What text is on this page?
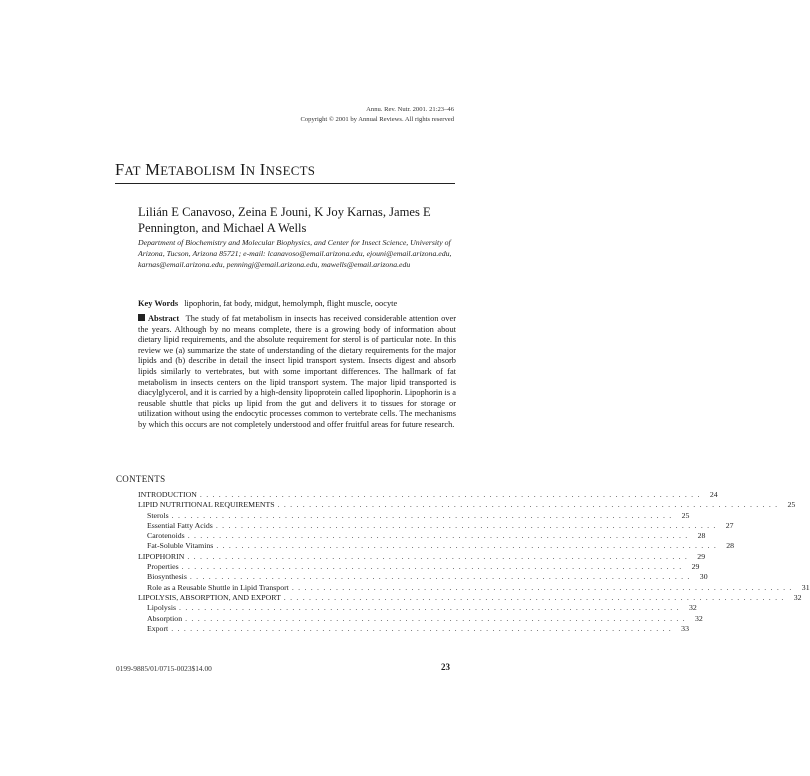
Annu. Rev. Nutr. 2001. 21:23–46
Copyright © 2001 by Annual Reviews. All rights reserved
FAT METABOLISM IN INSECTS
Lilián E Canavoso, Zeina E Jouni, K Joy Karnas, James E Pennington, and Michael A Wells
Department of Biochemistry and Molecular Biophysics, and Center for Insect Science, University of Arizona, Tucson, Arizona 85721; e-mail: lcanavoso@email.arizona.edu, ejouni@email.arizona.edu, karnas@email.arizona.edu, penningj@email.arizona.edu, mawells@email.arizona.edu
Key Words lipophorin, fat body, midgut, hemolymph, flight muscle, oocyte
Abstract The study of fat metabolism in insects has received considerable attention over the years. Although by no means complete, there is a growing body of information about dietary lipid requirements, and the absolute requirement for sterol is of particular note. In this review we (a) summarize the state of understanding of the dietary requirements for the major lipids and (b) describe in detail the insect lipid transport system. Insects digest and absorb lipids similarly to vertebrates, but with some important differences. The hallmark of fat metabolism in insects centers on the lipid transport system. The major lipid transported is diacylglycerol, and it is carried by a high-density lipoprotein called lipophorin. Lipophorin is a reusable shuttle that picks up lipid from the gut and delivers it to tissues for storage or utilization without using the endocytic processes common to vertebrate cells. The mechanisms by which this occurs are not completely understood and offer fruitful areas for future research.
CONTENTS
INTRODUCTION . . . . . . . . . . . . . . . . . . . . . . . . . . . . . . . . . . . . . . . . . . . . . . . . . . . . . . . . . . . . . . . . . . . . . . . . . . . . . . . .	24
LIPID NUTRITIONAL REQUIREMENTS . . . . . . . . . . . . . . . . . . . . . . . . . . . . . . . . . . . . . . . . . . . . . . . . . . . . . . . . . . . . . . . . . . . . . . . . . . . . . . . .	25
Sterols . . . . . . . . . . . . . . . . . . . . . . . . . . . . . . . . . . . . . . . . . . . . . . . . . . . . . . . . . . . . . . . . . . . . . . . . . . . . . . . .	25
Essential Fatty Acids . . . . . . . . . . . . . . . . . . . . . . . . . . . . . . . . . . . . . . . . . . . . . . . . . . . . . . . . . . . . . . . . . . . . . . . . . . . . . . . .	27
Carotenoids . . . . . . . . . . . . . . . . . . . . . . . . . . . . . . . . . . . . . . . . . . . . . . . . . . . . . . . . . . . . . . . . . . . . . . . . . . . . . . . .	28
Fat-Soluble Vitamins . . . . . . . . . . . . . . . . . . . . . . . . . . . . . . . . . . . . . . . . . . . . . . . . . . . . . . . . . . . . . . . . . . . . . . . . . . . . . . . .	28
LIPOPHORIN . . . . . . . . . . . . . . . . . . . . . . . . . . . . . . . . . . . . . . . . . . . . . . . . . . . . . . . . . . . . . . . . . . . . . . . . . . . . . . . .	29
Properties . . . . . . . . . . . . . . . . . . . . . . . . . . . . . . . . . . . . . . . . . . . . . . . . . . . . . . . . . . . . . . . . . . . . . . . . . . . . . . . .	29
Biosynthesis . . . . . . . . . . . . . . . . . . . . . . . . . . . . . . . . . . . . . . . . . . . . . . . . . . . . . . . . . . . . . . . . . . . . . . . . . . . . . . . .	30
Role as a Reusable Shuttle in Lipid Transport . . . . . . . . . . . . . . . . . . . . . . . . . . . . . . . . . . . . . . . . . . . . . . . . . . . . . . . . . . . . . . . . . . . . . . . . . . . . . . . .	31
LIPOLYSIS, ABSORPTION, AND EXPORT . . . . . . . . . . . . . . . . . . . . . . . . . . . . . . . . . . . . . . . . . . . . . . . . . . . . . . . . . . . . . . . . . . . . . . . . . . . . . . . .	32
Lipolysis . . . . . . . . . . . . . . . . . . . . . . . . . . . . . . . . . . . . . . . . . . . . . . . . . . . . . . . . . . . . . . . . . . . . . . . . . . . . . . . .	32
Absorption . . . . . . . . . . . . . . . . . . . . . . . . . . . . . . . . . . . . . . . . . . . . . . . . . . . . . . . . . . . . . . . . . . . . . . . . . . . . . . . .	32
Export . . . . . . . . . . . . . . . . . . . . . . . . . . . . . . . . . . . . . . . . . . . . . . . . . . . . . . . . . . . . . . . . . . . . . . . . . . . . . . . .	33
0199-9885/01/0715-0023$14.00	23
